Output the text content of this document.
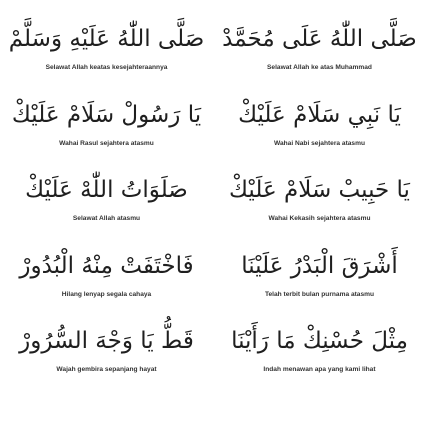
صَلَّى اللّٰهُ عَلَيْهِ وَسَلَّمْ
Selawat Allah keatas kesejahteraannya
صَلَّى اللّٰهُ عَلَى مُحَمَّدْ
Selawat Allah ke atas Muhammad
يَا رَسُولْ سَلَامْ عَلَيْكْ
Wahai Rasul sejahtera atasmu
يَا نَبِي سَلَامْ عَلَيْكْ
Wahai Nabi sejahtera atasmu
صَلَوَاتُ اللّٰهْ عَلَيْكْ
Selawat Allah atasmu
يَا حَبِيبْ سَلَامْ عَلَيْكْ
Wahai Kekasih sejahtera atasmu
فَاخْتَفَتْ مِنْهُ الْبُدُورْ
Hilang lenyap segala cahaya
أَشْرَقَ الْبَدْرُ عَلَيْنَا
Telah terbit bulan purnama atasmu
قَطُّ يَا وَجْهَ السُّرُورْ
Wajah gembira sepanjang hayat
مِثْلَ حُسْنِكْ مَا رَأَيْنَا
Indah menawan apa yang kami lihat
